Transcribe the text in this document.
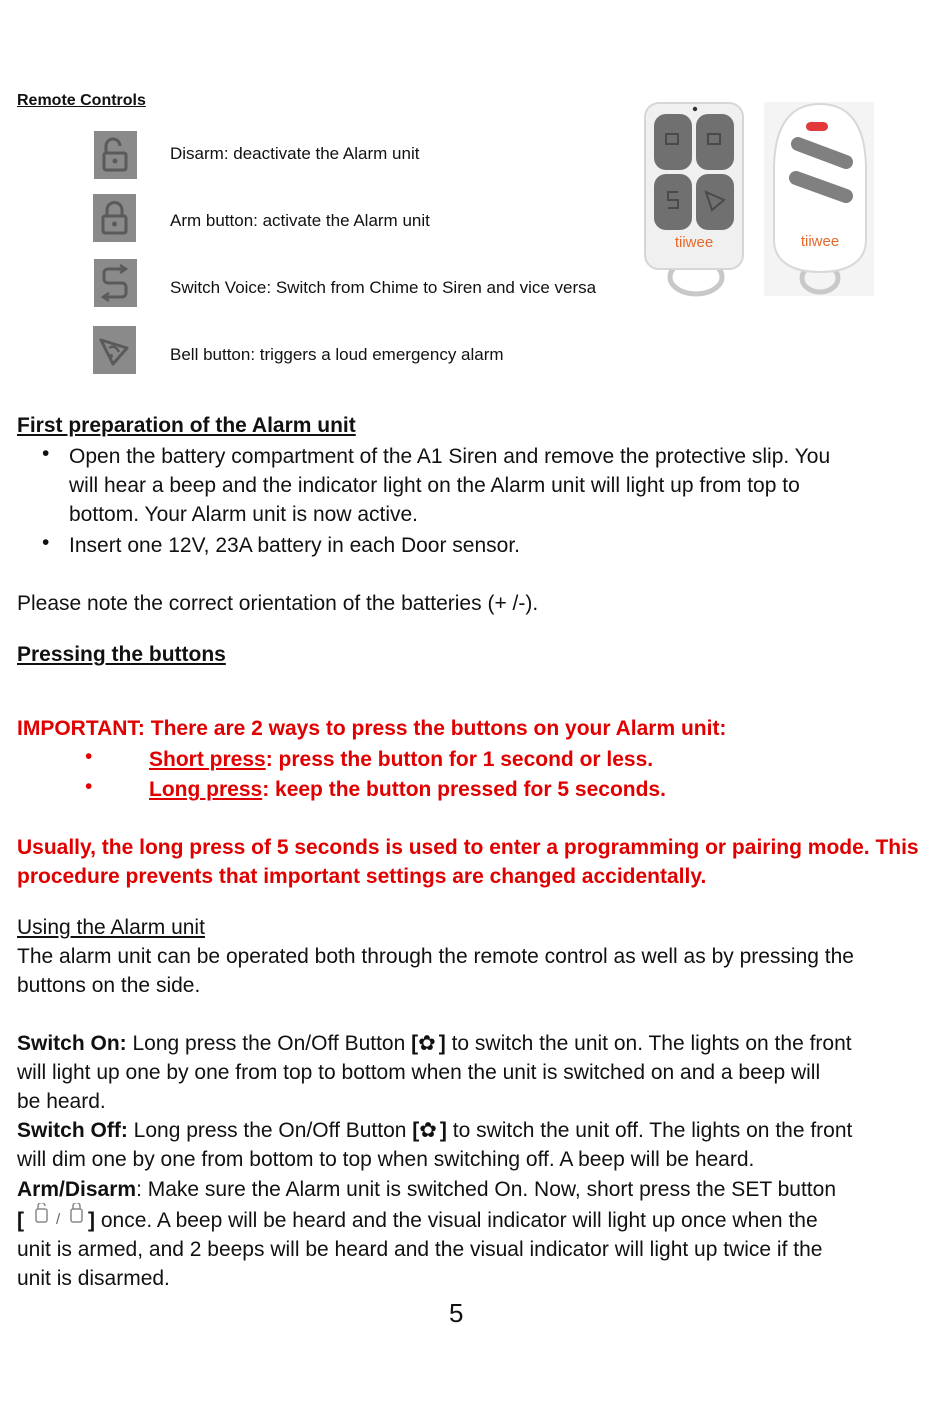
Remote Controls
Disarm: deactivate the Alarm unit
Arm button: activate the Alarm unit
Switch Voice: Switch from Chime to Siren and vice versa
Bell button: triggers a loud emergency alarm
tiiwee	tiiwee
First preparation of the Alarm unit
• Open the battery compartment of the A1 Siren and remove the protective slip. You
will hear a beep and the indicator light on the Alarm unit will light up from top to
bottom. Your Alarm unit is now active.
• Insert one 12V, 23A battery in each Door sensor.
Please note the correct orientation of the batteries (+ /-).
Pressing the buttons
IMPORTANT: There are 2 ways to press the buttons on your Alarm unit:
•	Short press: press the button for 1 second or less.
•	Long press: keep the button pressed for 5 seconds.
Usually, the long press of 5 seconds is used to enter a programming or pairing mode. This
procedure prevents that important settings are changed accidentally.
Using the Alarm unit
The alarm unit can be operated both through the remote control as well as by pressing the
buttons on the side.
Switch On: Long press the On/Off Button [✿ ] to switch the unit on. The lights on the front
will light up one by one from top to bottom when the unit is switched on and a beep will
be heard.
Switch Off: Long press the On/Off Button [✿ ] to switch the unit off. The lights on the front
will dim one by one from bottom to top when switching off. A beep will be heard.
Arm/Disarm: Make sure the Alarm unit is switched On. Now, short press the SET button
[ / ] once. A beep will be heard and the visual indicator will light up once when the
unit is armed, and 2 beeps will be heard and the visual indicator will light up twice if the
unit is disarmed.
5
